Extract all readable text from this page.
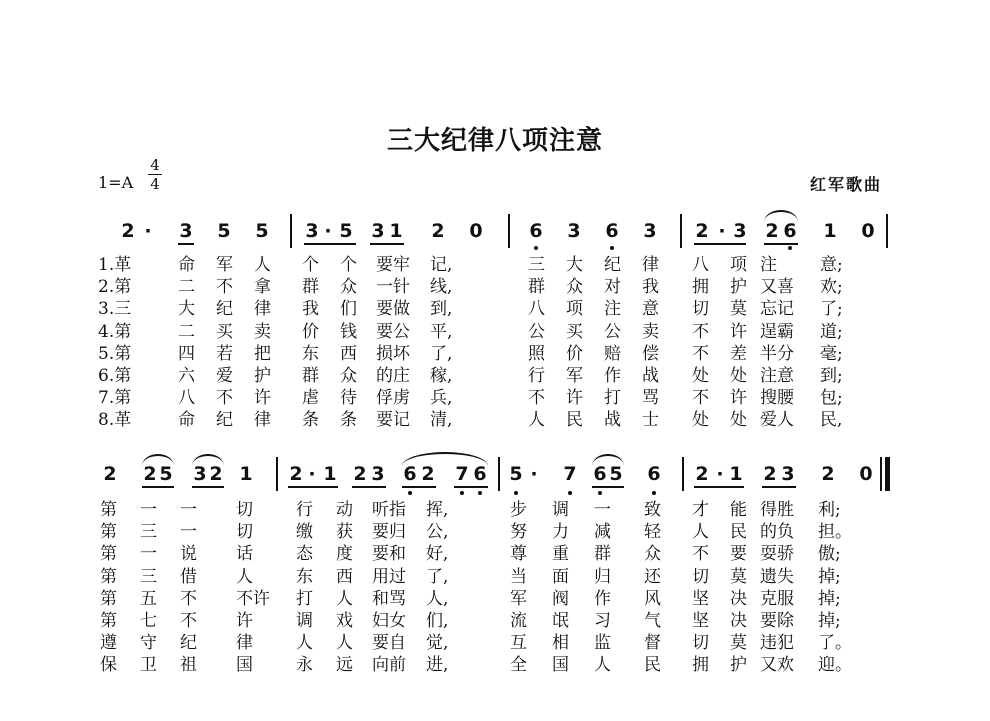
三大纪律八项注意
1=A
4
4	红军歌曲
2 ·	3 5 5 3 · 5 3 1 2 0 6 3 6 3 2 · 3 2 6 1 0
1.革	命 军 人 个 个 要牢 记,	三 大 纪 律 八 项 注	意;
2.第	二 不 拿 群 众 一针 线,	群 众 对 我 拥 护 又喜 欢;
3.三	大 纪 律 我 们 要做 到,	八 项 注 意 切 莫 忘记 了;
4.第	二 买 卖 价 钱 要公 平,	公 买 公 卖 不 许 逞霸 道;
5.第	四 若 把 东 西 损坏 了,	照 价 赔 偿 不 差 半分 毫;
6.第	六 爱 护 群 众 的庄 稼,	行 军 作 战 处 处 注意 到;
7.第	八 不 许 虐 待 俘虏 兵,	不 许 打 骂 不 许 搜腰 包;
8.革	命 纪 律 条 条 要记 清,	人 民 战 士 处 处 爱人 民,
2 2 5 3 2 1 2 · 1 2 3 6 2 7 6 5 ·	7 6 5 6 2 · 1 2 3 2 0
第 一 一 切	行 动 听指 挥,	步 调 一 致 才 能 得胜 利;
第 三 一 切	缴 获 要归 公,	努 力 减 轻 人 民 的负 担。
第 一 说 话	态 度 要和 好,	尊 重 群 众 不 要 耍骄 傲;
第 三 借 人	东 西 用过 了,	当 面 归 还 切 莫 遗失 掉;
第 五 不 不许 打 人 和骂 人,	军 阀 作 风 坚 决 克服 掉;
第 七 不 许	调 戏 妇女 们,	流 氓 习 气 坚 决 要除 掉;
遵 守 纪 律	人 人 要自 觉,	互 相 监 督 切 莫 违犯 了。
保 卫 祖 国	永 远 向前 进,	全 国 人 民 拥 护 又欢 迎。
